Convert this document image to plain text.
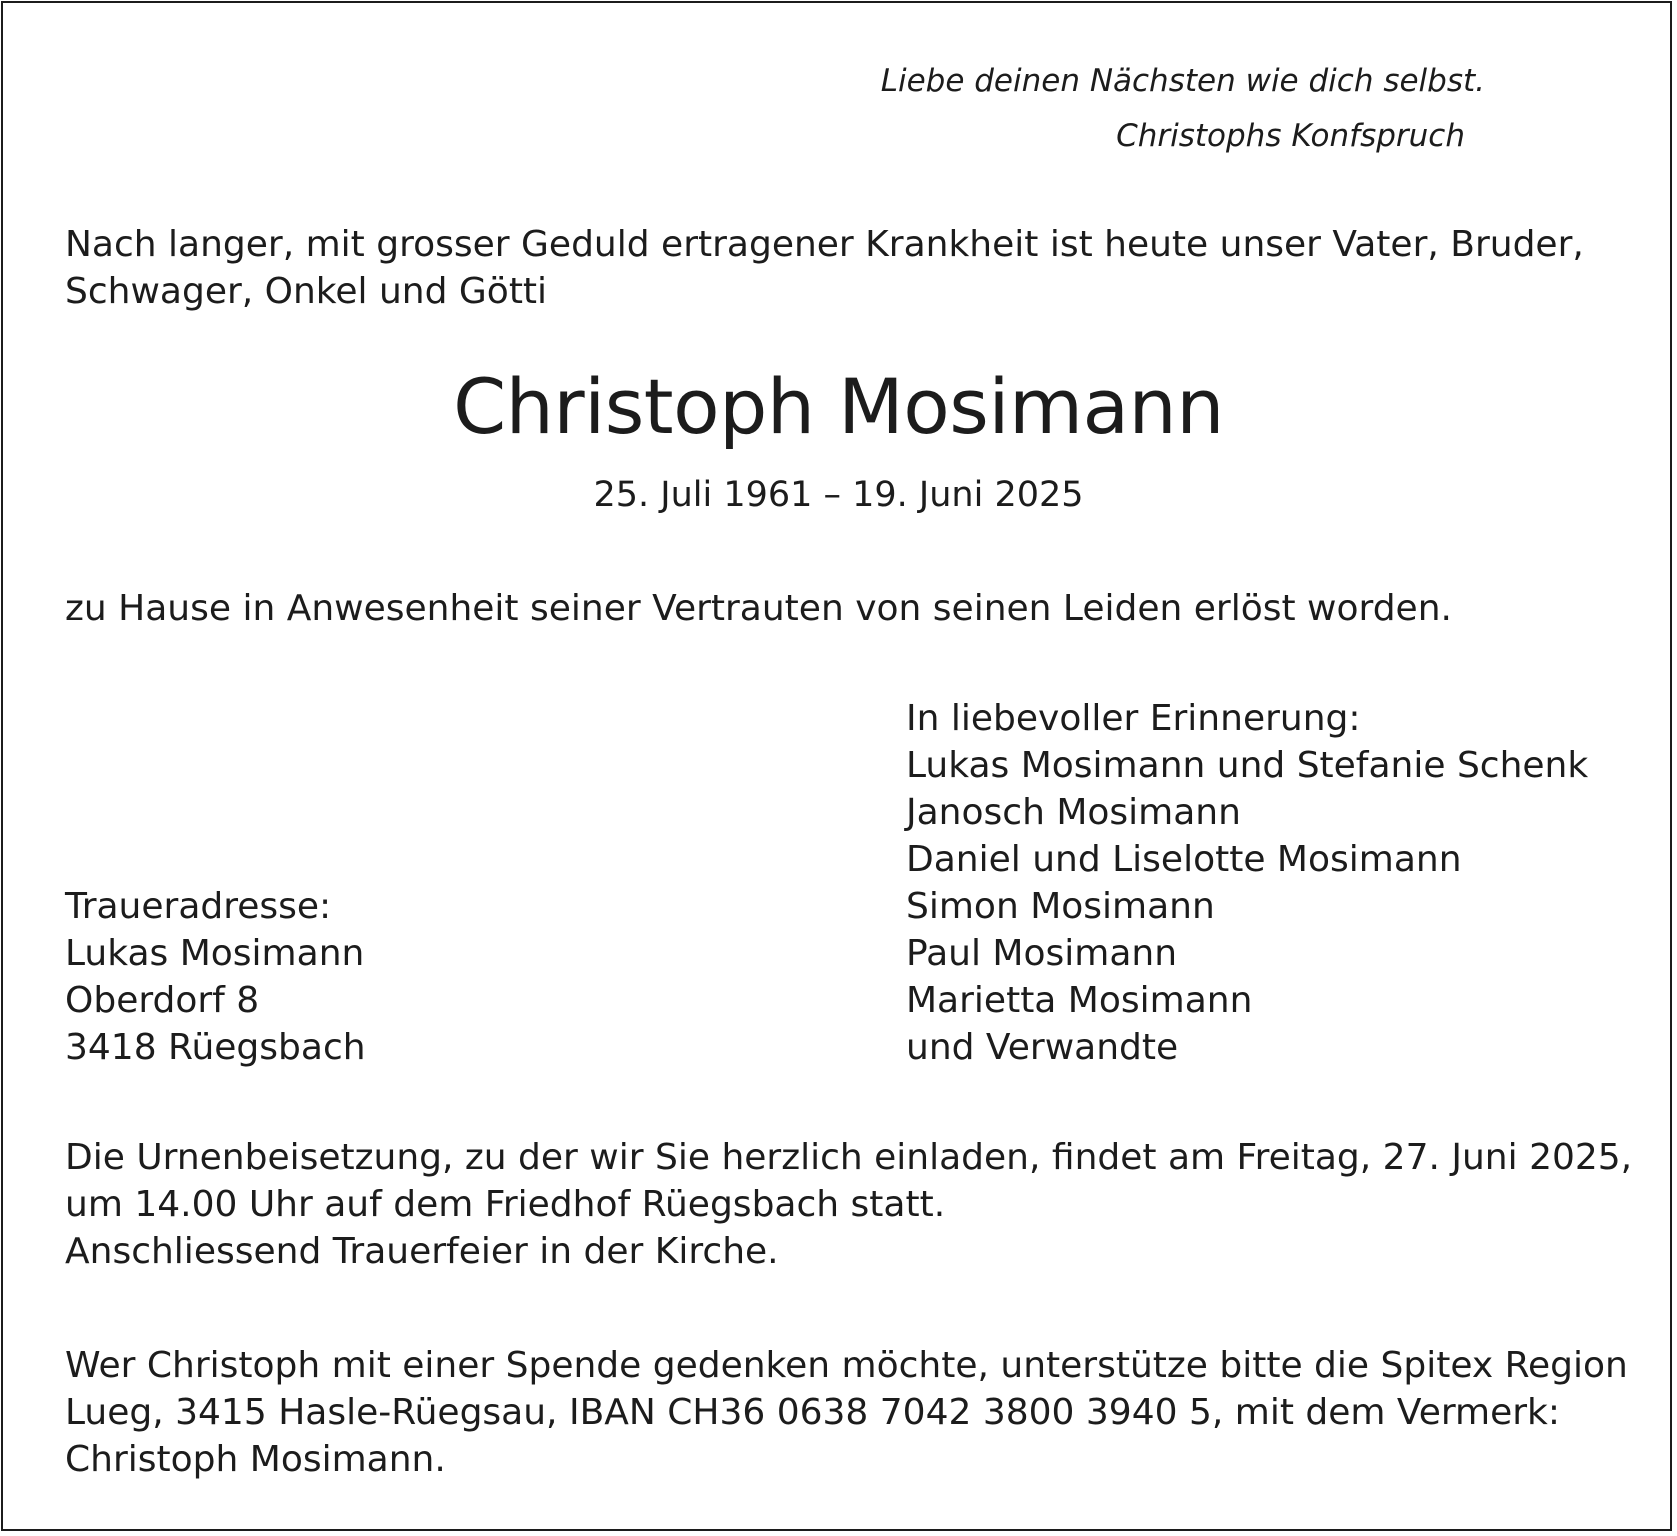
Liebe deinen Nächsten wie dich selbst.
Christophs Konfspruch
Nach langer, mit grosser Geduld ertragener Krankheit ist heute unser Vater, Bruder,
Schwager, Onkel und Götti
Christoph Mosimann
25. Juli 1961 – 19. Juni 2025
zu Hause in Anwesenheit seiner Vertrauten von seinen Leiden erlöst worden.
In liebevoller Erinnerung:
Lukas Mosimann und Stefanie Schenk
Janosch Mosimann
Daniel und Liselotte Mosimann
Simon Mosimann
Paul Mosimann
Marietta Mosimann
und Verwandte
Traueradresse:
Lukas Mosimann
Oberdorf 8
3418 Rüegsbach
Die Urnenbeisetzung, zu der wir Sie herzlich einladen, findet am Freitag, 27. Juni 2025,
um 14.00 Uhr auf dem Friedhof Rüegsbach statt.
Anschliessend Trauerfeier in der Kirche.
Wer Christoph mit einer Spende gedenken möchte, unterstütze bitte die Spitex Region
Lueg, 3415 Hasle-Rüegsau, IBAN CH36 0638 7042 3800 3940 5, mit dem Vermerk:
Christoph Mosimann.
